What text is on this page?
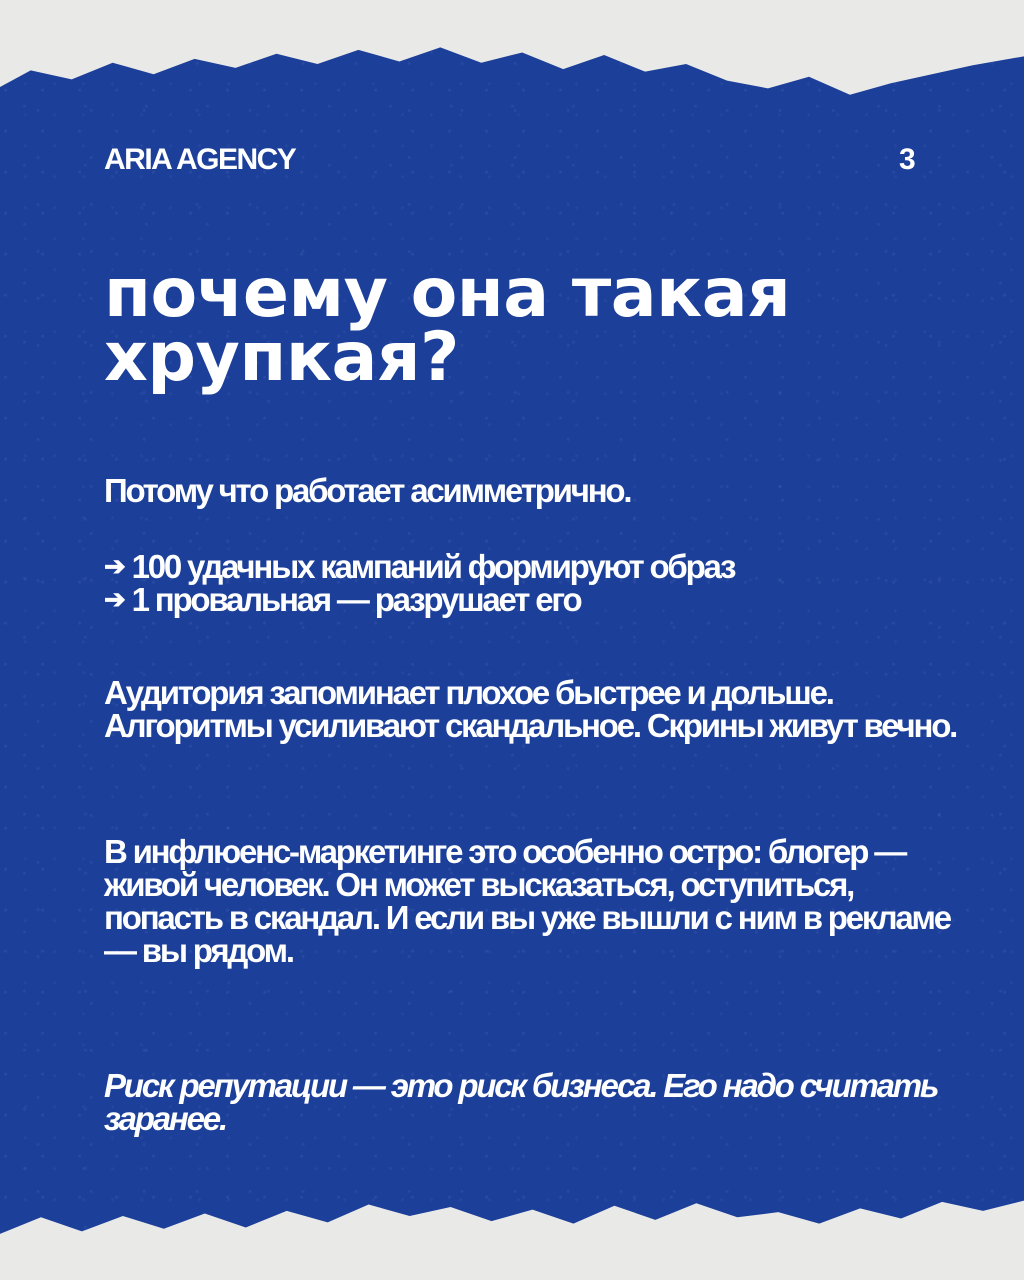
ARIA AGENCY	3
почему она такая хрупкая?

Потому что работает асимметрично.

➔ 100 удачных кампаний формируют образ
➔ 1 провальная — разрушает его

Аудитория запоминает плохое быстрее и дольше. Алгоритмы усиливают скандальное. Скрины живут вечно.

В инфлюенс-маркетинге это особенно остро: блогер — живой человек. Он может высказаться, оступиться, попасть в скандал. И если вы уже вышли с ним в рекламе — вы рядом.

Риск репутации — это риск бизнеса. Его надо считать заранее.
